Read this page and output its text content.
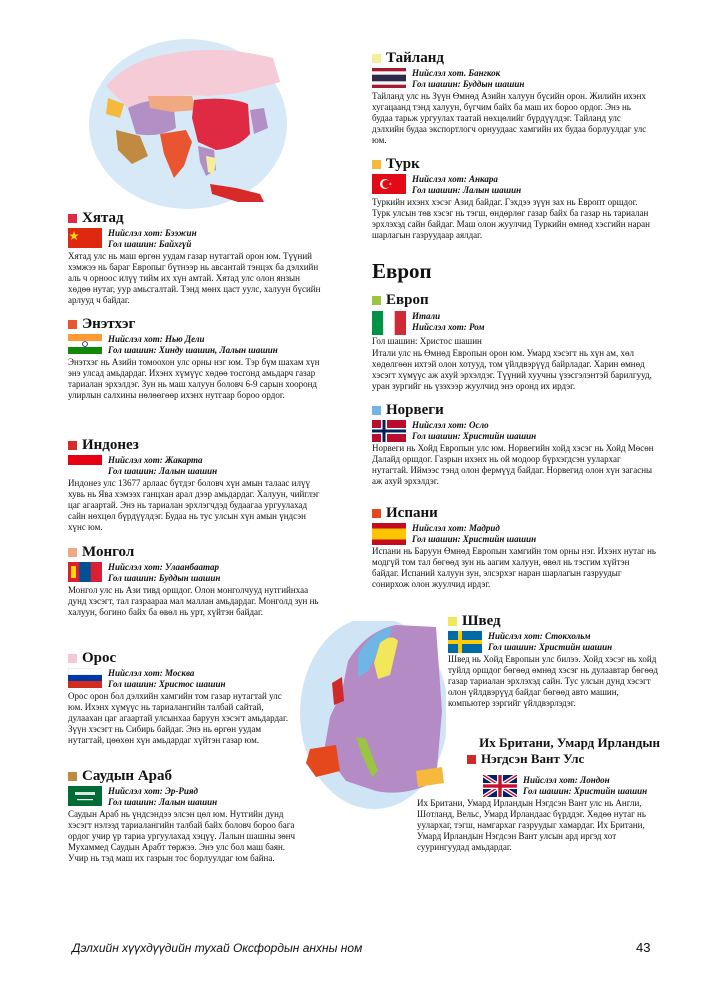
Хятад
Нийслэл хот: Бээжин
Гол шашин: Байхгүй
Хятад улс нь маш өргөн уудам газар нутагтай орон юм. Түүний хэмжээ нь бараг Европыг бүтнээр нь авсантай тэнцэх ба дэлхийн аль ч орноос илүү тийм их хүн амтай. Хятад улс олон янзын хөдөө нутаг, уур амьсгалтай. Тэнд мөнх цаст уулс, халуун бүсийн арлууд ч байдаг.
Энэтхэг
Нийслэл хот: Нью Дели
Гол шашин: Хинду шашин, Лалын шашин
Энэтхэг нь Азийн томоохон улс орны нэг юм. Тэр бүм шахам хүн энэ улсад амьдардаг. Ихэнх хүмүүс хөдөө тосгонд амьдарч газар тариалан эрхэлдэг. Зун нь маш халуун боловч 6-9 сарын хооронд улирлын салхины нөлөөгөөр ихэнх нутгаар бороо ордог.
Индонез
Нийслэл хот: Жакарта
Гол шашин: Лалын шашин
Индонез улс 13677 арлаас бүтдэг боловч хүн амын талаас илүү хувь нь Ява хэмээх ганцхан арал дээр амьдардаг. Халуун, чийглэг цаг агаартай. Энэ нь тариалан эрхлэгчдэд будаагаа ургуулахад сайн нөхцөл бүрдүүлдэг. Будаа нь тус улсын хүн амын үндсэн хүнс юм.
Монгол
Нийслэл хот: Улаанбаатар
Гол шашин: Буддын шашин
Монгол улс нь Ази тивд оршдог. Олон монголчууд нутгийнхаа дунд хэсэгт, тал газраараа мал маллан амьдардаг. Монголд зун нь халуун, богино байх ба өвөл нь урт, хүйтэн байдаг.
Орос
Нийслэл хот: Москва
Гол шашин: Христос шашин
Орос орон бол дэлхийн хамгийн том газар нутагтай улс юм. Ихэнх хүмүүс нь тариалангийн талбай сайтай, дулаахан цаг агаартай улсынхаа баруун хэсэгт амьдардаг. Зүүн хэсэгт нь Сибирь байдаг. Энэ нь өргөн уудам нутагтай, цөөхөн хүн амьдардаг хүйтэн газар юм.
Саудын Араб
Нийслэл хот: Эр-Рияд
Гол шашин: Лалын шашин
Саудын Араб нь үндсэндээ элсэн цөл юм. Нутгийн дунд хэсэгт нэлээд тариалангийн талбай байх боловч бороо бага ордог учир үр тариа ургуулахад хэцүү. Лалын шашны зөнч Мухаммед Саудын Арабт төржээ. Энэ улс бол маш баян. Учир нь тэд маш их газрын тос борлуулдаг юм байна.
Тайланд
Нийслэл хот. Бангкок
Гол шашин: Буддын шашин
Тайланд улс нь Зүүн Өмнөд Азийн халуун бүсийн орон. Жилийн ихэнх хугацаанд тэнд халуун, бүгчим байх ба маш их бороо ордог. Энэ нь будаа тарьж ургуулах таатай нөхцөлийг бүрдүүлдэг. Тайланд улс дэлхийн будаа экспортлогч орнуудаас хамгийн их будаа борлуулдаг улс юм.
Турк
Нийслэл хот: Анкара
Гол шашин: Лалын шашин
Туркийн ихэнх хэсэг Азид байдаг. Гэхдээ зүүн зах нь Европт оршдог. Турк улсын төв хэсэг нь тэгш, өндөрлөг газар байх ба газар нь тариалан эрхлэхэд сайн байдаг. Маш олон жуулчид Туркийн өмнөд хэсгийн наран шарлагын газруудаар аялдаг.
Европ
Европ
Итали
Нийслэл хот: Ром
Гол шашин: Христос шашин
Итали улс нь Өмнөд Европын орон юм. Умард хэсэгт нь хүн ам, хөл хөдөлгөөн ихтэй олон хотууд, том үйлдвэрүүд байрладаг. Харин өмнөд хэсэгт хүмүүс аж ахуй эрхэлдэг. Түүний хуучны үзэсгэлэнтэй барилгууд, уран зургийг нь үзэхээр жуулчид энэ оронд их ирдэг.
Норвеги
Нийслэл хот: Осло
Гол шашин: Христийн шашин
Норвеги нь Хойд Европын улс юм. Норвегийн хойд хэсэг нь Хойд Мөсөн Далайд оршдог. Газрын ихэнх нь ой модоор бүрхэгдсэн уулархаг нутагтай. Иймээс тэнд олон фермүүд байдаг. Норвегид олон хүн загасны аж ахуй эрхэлдэг.
Испани
Нийслэл хот: Мадрид
Гол шашин: Христийн шашин
Испани нь Баруун Өмнөд Европын хамгийн том орны нэг. Ихэнх нутаг нь модгүй том тал бөгөөд зун нь аагим халуун, өвөл нь тэсгим хүйтэн байдаг. Испаний халуун зун, элсэрхэг наран шарлагын газруудыг сонирхож олон жуулчид ирдэг.
Швед
Нийслэл хот: Стокхольм
Гол шашин: Христийн шашин
Швед нь Хойд Европын улс билээ. Хойд хэсэг нь хойд туйлд оршдог бөгөөд өмнөд хэсэг нь дулаавтар бөгөөд газар тариалан эрхлэхэд сайн. Тус улсын дунд хэсэгт олон үйлдвэрүүд байдаг бөгөөд авто машин, компьютер зэргийг үйлдвэрлэдэг.
Их Британи, Умард Ирландын
Нэгдсэн Вант Улс
Нийслэл хот: Лондон
Гол шашин: Христийн шашин
Их Британи, Умард Ирландын Нэгдсэн Вант улс нь Англи, Шотланд, Вельс, Умард Ирландаас бүрддэг. Хөдөө нутаг нь уулархаг, тэгш, намгархаг газруудыг хамардаг. Их Британи, Умард Ирландын Нэгдсэн Вант улсын ард иргэд хот суурингуудад амьдардаг.
Дэлхийн хүүхдүүдийн тухай Оксфордын анхны ном	43
